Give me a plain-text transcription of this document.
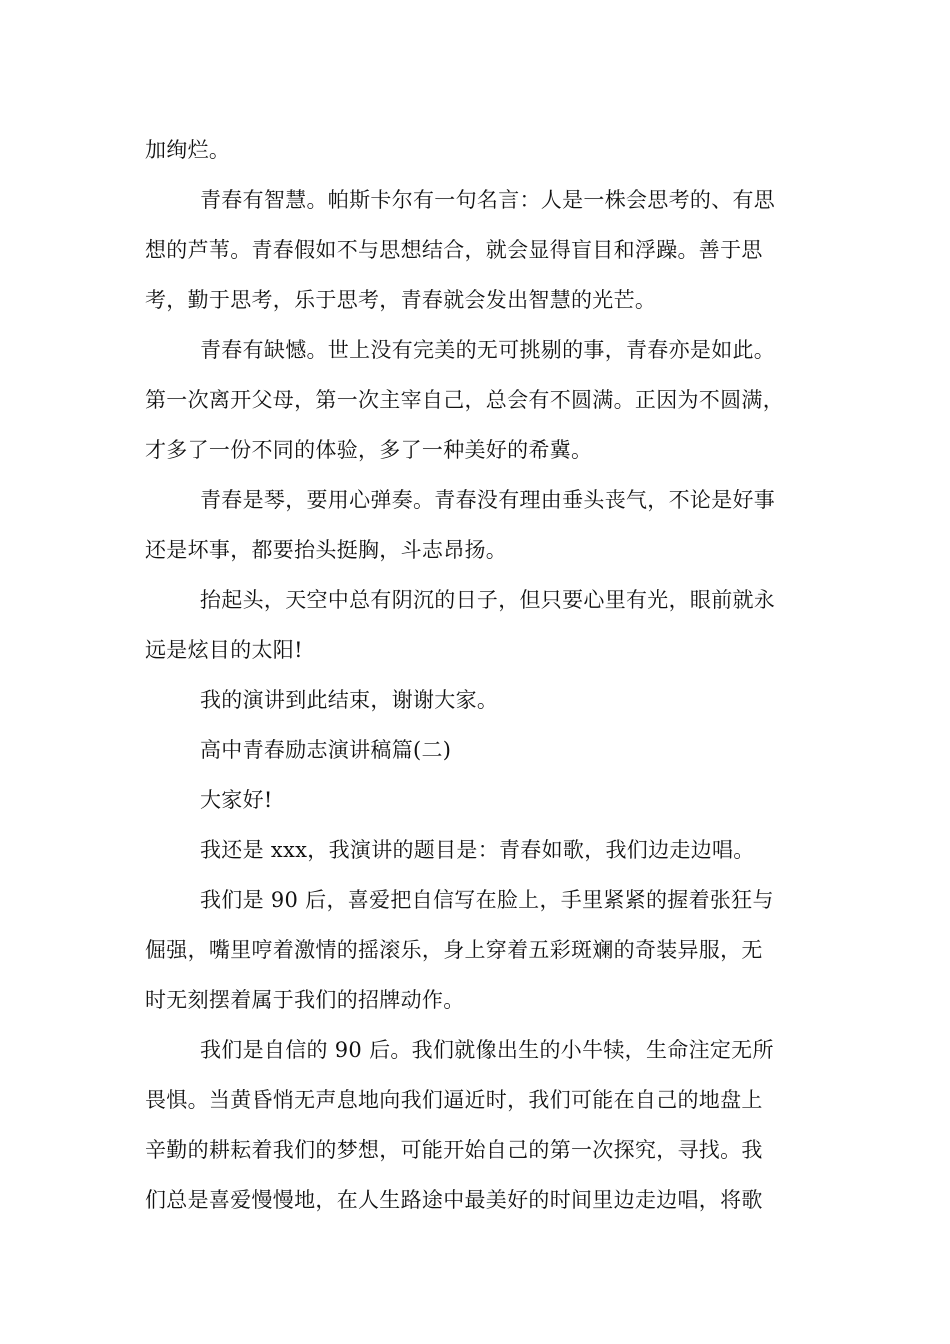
加绚烂。
青春有智慧。帕斯卡尔有一句名言：人是一株会思考的、有思
想的芦苇。青春假如不与思想结合，就会显得盲目和浮躁。善于思
考，勤于思考，乐于思考，青春就会发出智慧的光芒。
青春有缺憾。世上没有完美的无可挑剔的事，青春亦是如此。
第一次离开父母，第一次主宰自己，总会有不圆满。正因为不圆满，
才多了一份不同的体验，多了一种美好的希冀。
青春是琴，要用心弹奏。青春没有理由垂头丧气，不论是好事
还是坏事，都要抬头挺胸，斗志昂扬。
抬起头，天空中总有阴沉的日子，但只要心里有光，眼前就永
远是炫目的太阳!
我的演讲到此结束，谢谢大家。
高中青春励志演讲稿篇(二)
大家好!
我还是 xxx，我演讲的题目是：青春如歌，我们边走边唱。
我们是 90 后，喜爱把自信写在脸上，手里紧紧的握着张狂与
倔强，嘴里哼着激情的摇滚乐，身上穿着五彩斑斓的奇装异服，无
时无刻摆着属于我们的招牌动作。
我们是自信的 90 后。我们就像出生的小牛犊，生命注定无所
畏惧。当黄昏悄无声息地向我们逼近时，我们可能在自己的地盘上
辛勤的耕耘着我们的梦想，可能开始自己的第一次探究，寻找。我
们总是喜爱慢慢地，在人生路途中最美好的时间里边走边唱，将歌
